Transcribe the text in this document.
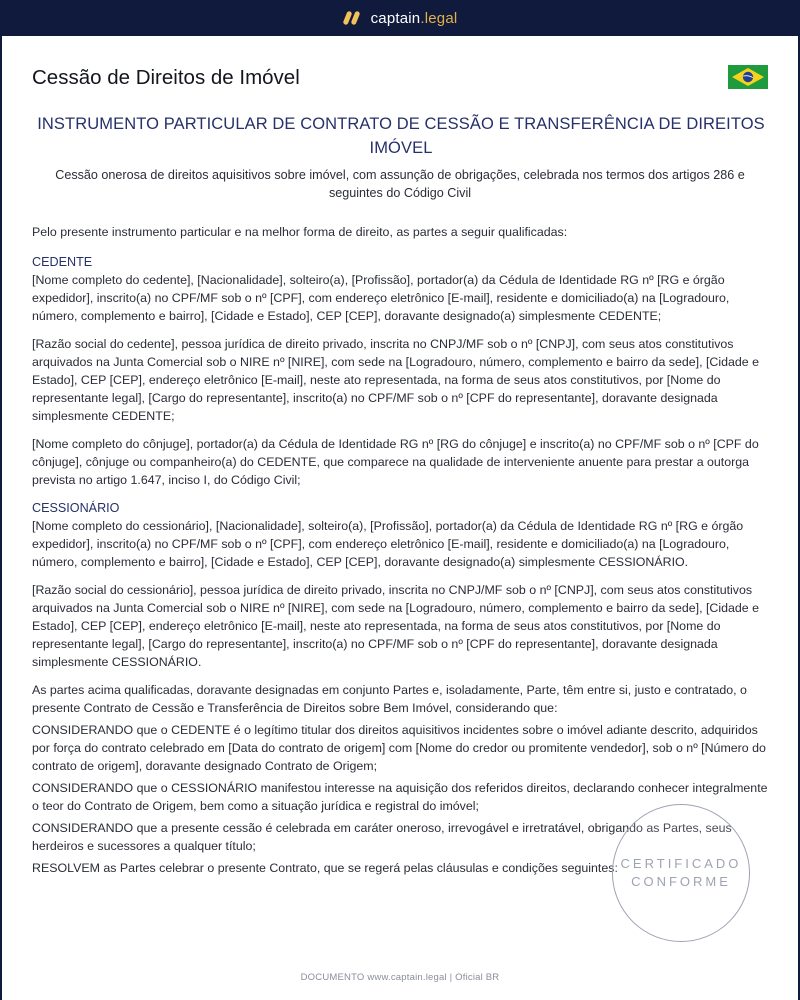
captain.legal
Cessão de Direitos de Imóvel
INSTRUMENTO PARTICULAR DE CONTRATO DE CESSÃO E TRANSFERÊNCIA DE DIREITOS IMÓVEL
Cessão onerosa de direitos aquisitivos sobre imóvel, com assunção de obrigações, celebrada nos termos dos artigos 286 e seguintes do Código Civil

Pelo presente instrumento particular e na melhor forma de direito, as partes a seguir qualificadas:

CEDENTE

[Nome completo do cedente], [Nacionalidade], solteiro(a), [Profissão], portador(a) da Cédula de Identidade RG nº [RG e órgão expedidor], inscrito(a) no CPF/MF sob o nº [CPF], com endereço eletrônico [E-mail], residente e domiciliado(a) na [Logradouro, número, complemento e bairro], [Cidade e Estado], CEP [CEP], doravante designado(a) simplesmente CEDENTE;

[Razão social do cedente], pessoa jurídica de direito privado, inscrita no CNPJ/MF sob o nº [CNPJ], com seus atos constitutivos arquivados na Junta Comercial sob o NIRE nº [NIRE], com sede na [Logradouro, número, complemento e bairro da sede], [Cidade e Estado], CEP [CEP], endereço eletrônico [E-mail], neste ato representada, na forma de seus atos constitutivos, por [Nome do representante legal], [Cargo do representante], inscrito(a) no CPF/MF sob o nº [CPF do representante], doravante designada simplesmente CEDENTE;

[Nome completo do cônjuge], portador(a) da Cédula de Identidade RG nº [RG do cônjuge] e inscrito(a) no CPF/MF sob o nº [CPF do cônjuge], cônjuge ou companheiro(a) do CEDENTE, que comparece na qualidade de interveniente anuente para prestar a outorga prevista no artigo 1.647, inciso I, do Código Civil;

CESSIONÁRIO

[Nome completo do cessionário], [Nacionalidade], solteiro(a), [Profissão], portador(a) da Cédula de Identidade RG nº [RG e órgão expedidor], inscrito(a) no CPF/MF sob o nº [CPF], com endereço eletrônico [E-mail], residente e domiciliado(a) na [Logradouro, número, complemento e bairro], [Cidade e Estado], CEP [CEP], doravante designado(a) simplesmente CESSIONÁRIO.

[Razão social do cessionário], pessoa jurídica de direito privado, inscrita no CNPJ/MF sob o nº [CNPJ], com seus atos constitutivos arquivados na Junta Comercial sob o NIRE nº [NIRE], com sede na [Logradouro, número, complemento e bairro da sede], [Cidade e Estado], CEP [CEP], endereço eletrônico [E-mail], neste ato representada, na forma de seus atos constitutivos, por [Nome do representante legal], [Cargo do representante], inscrito(a) no CPF/MF sob o nº [CPF do representante], doravante designada simplesmente CESSIONÁRIO.

As partes acima qualificadas, doravante designadas em conjunto Partes e, isoladamente, Parte, têm entre si, justo e contratado, o presente Contrato de Cessão e Transferência de Direitos sobre Bem Imóvel, considerando que:

CONSIDERANDO que o CEDENTE é o legítimo titular dos direitos aquisitivos incidentes sobre o imóvel adiante descrito, adquiridos por força do contrato celebrado em [Data do contrato de origem] com [Nome do credor ou promitente vendedor], sob o nº [Número do contrato de origem], doravante designado Contrato de Origem;

CONSIDERANDO que o CESSIONÁRIO manifestou interesse na aquisição dos referidos direitos, declarando conhecer integralmente o teor do Contrato de Origem, bem como a situação jurídica e registral do imóvel;

CONSIDERANDO que a presente cessão é celebrada em caráter oneroso, irrevogável e irretratável, obrigando as Partes, seus herdeiros e sucessores a qualquer título;

RESOLVEM as Partes celebrar o presente Contrato, que se regerá pelas cláusulas e condições seguintes: CERTIFICADO
CONFORME
DOCUMENTO www.captain.legal | Oficial BR
